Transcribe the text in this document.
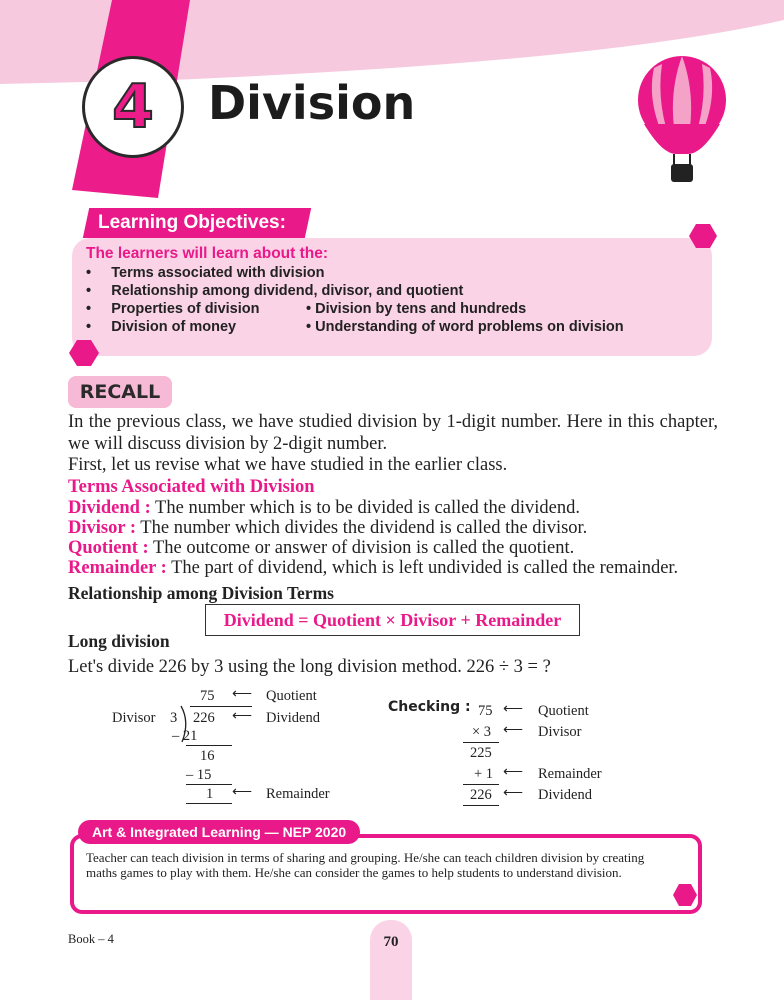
4	Division
Learning Objectives:
The learners will learn about the:
•     Terms associated with division
•     Relationship among dividend, divisor, and quotient
•     Properties of division	• Division by tens and hundreds
•     Division of money	• Understanding of word problems on division
RECALL
In the previous class, we have studied division by 1-digit number. Here in this chapter, we will discuss division by 2-digit number.
First, let us revise what we have studied in the earlier class.
Terms Associated with Division
Dividend : The number which is to be divided is called the dividend.
Divisor : The number which divides the dividend is called the divisor.
Quotient : The outcome or answer of division is called the quotient.
Remainder : The part of dividend, which is left undivided is called the remainder.
Relationship among Division Terms
Dividend = Quotient × Divisor + Remainder
Long division
Let's divide 226 by 3 using the long division method. 226 ÷ 3 = ?
75 ⟵ Quotient
Divisor 3 226 ⟵ Dividend
– 21
16
– 15
1 ⟵ Remainder
Checking : 75 ⟵ Quotient
× 3 ⟵ Divisor
225
+ 1 ⟵ Remainder
226 ⟵ Dividend
Art & Integrated Learning — NEP 2020
Teacher can teach division in terms of sharing and grouping. He/she can teach children division by creating maths games to play with them. He/she can consider the games to help students to understand division.
Book – 4	70
